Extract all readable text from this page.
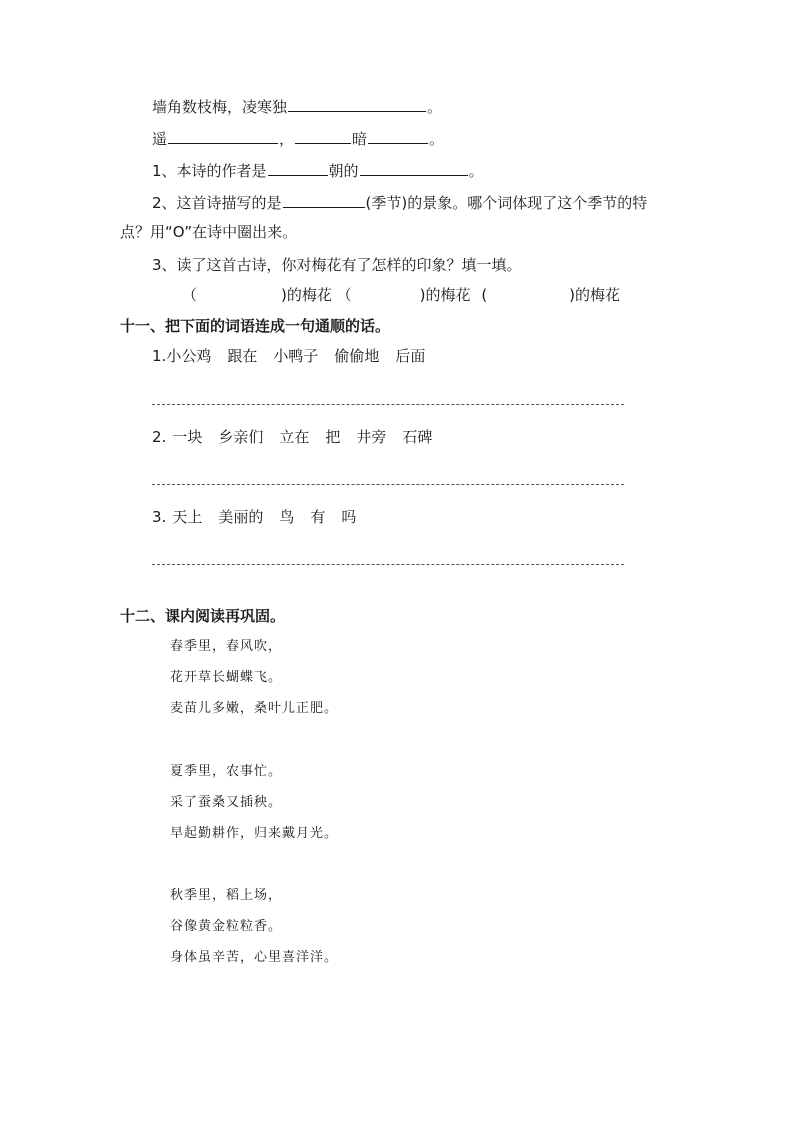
墙角数枝梅，凌寒独	。
遥	，	暗	。
1、本诗的作者是	朝的	。
2、这首诗描写的是	(季节)的景象。哪个词体现了这个季节的特
点？用“O”在诗中圈出来。
3、读了这首古诗，你对梅花有了怎样的印象？填一填。
（	)的梅花 （	)的梅花 (	)的梅花
十一、把下面的词语连成一句通顺的话。
1.小公鸡 跟在 小鸭子 偷偷地 后面
2. 一块 乡亲们 立在 把 井旁 石碑
3. 天上 美丽的 鸟 有 吗
十二、课内阅读再巩固。
春季里，春风吹，
花开草长蝴蝶飞。
麦苗儿多嫩，桑叶儿正肥。
夏季里，农事忙。
采了蚕桑又插秧。
早起勤耕作，归来戴月光。
秋季里，稻上场，
谷像黄金粒粒香。
身体虽辛苦，心里喜洋洋。
